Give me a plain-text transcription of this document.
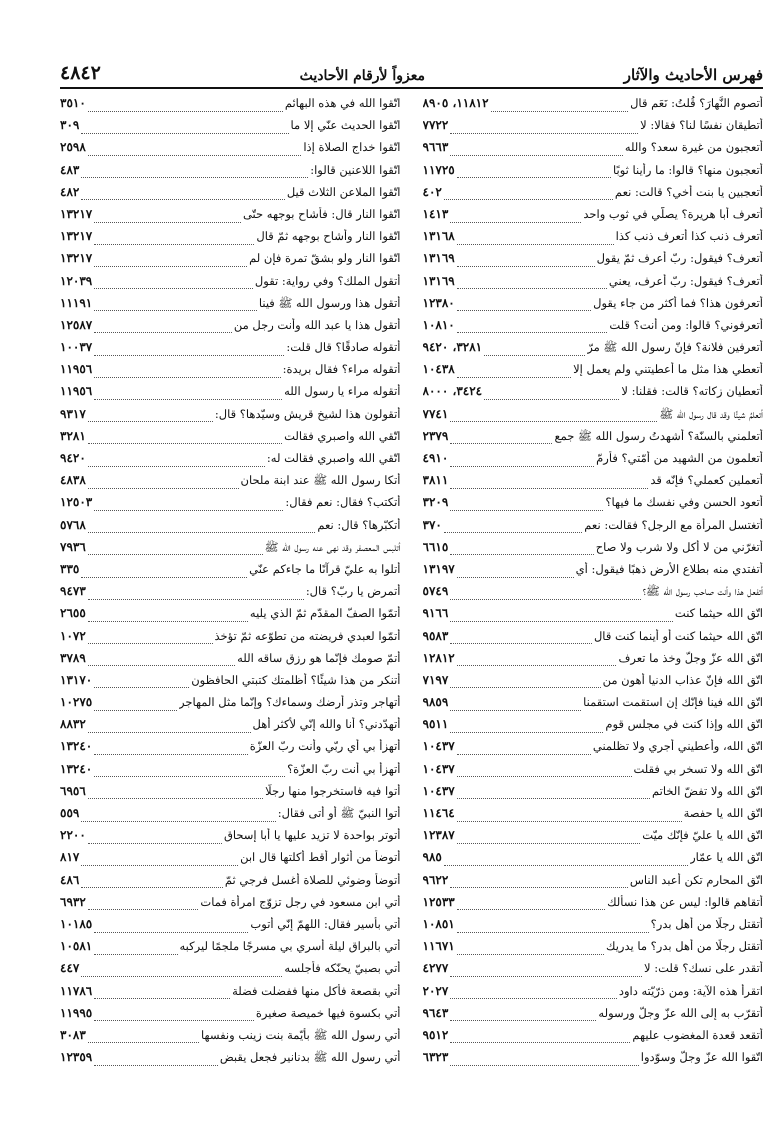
فهرس الأحاديث والآثار
معزواً لأرقام الأحاديث
٤٨٤٢
أتصوم النَّهارَ؟ قُلتُ: نَعَم قال
١١٨١٢، ٨٩٠٥
أتطيقان نفسًا لنا؟ فقالا: لا
٧٧٢٢
أتعجبون من غيرة سعد؟ والله
٩٦٦٣
أتعجبون منها؟ قالوا: ما رأينا ثوبًا
١١٧٢٥
أتعجبين يا بنت أخي؟ قالت: نعم
٤٠٢
أتعرف أبا هريرة؟ يصلّي في ثوب واحد
١٤١٣
أتعرف ذنب كذا أتعرف ذنب كذا
١٣١٦٨
أتعرف؟ فيقول: ربّ أعرف ثمّ يقول
١٣١٦٩
أتعرف؟ فيقول: ربّ أعرف، يعني
١٣١٦٩
أتعرفون هذا؟ فما أكثر من جاء يقول
١٢٣٨٠
أتعرفوني؟ قالوا: ومن أنت؟ قلت
١٠٨١٠
أتعرفين فلانة؟ فإنّ رسول الله ﷺ مرّ
٣٢٨١، ٩٤٢٠
أتعطي هذا مثل ما أعطيتني ولم يعمل إلا
١٠٤٣٨
أتعطيان زكاته؟ قالت: فقلنا: لا
٣٤٢٤، ٨٠٠٠
أتعلمُ شيئًا وقد قال رسول الله ﷺ
٧٧٤١
أتعلمني بالسنّة؟ أشهدتُ رسول الله ﷺ جمع
٢٣٧٩
أتعلمون من الشهيد من أمّتي؟ فأرمّ
٤٩١٠
أتعملين كعملي؟ فإنّه قد
٣٨١١
أتعود الحسن وفي نفسك ما فيها؟
٣٢٠٩
أتغتسل المرأة مع الرجل؟ فقالت: نعم
٣٧٠
أتغرّني من لا أكل ولا شرب ولا صاح
٦٦١٥
أتفتدي منه بطلاع الأرض ذهبًا فيقول: أي
١٣١٩٧
أتفعل هذا وأنت صاحب رسول الله ﷺ؟
٥٧٤٩
اتّق الله حيثما كنت
٩١٦٦
اتّق الله حيثما كنت أو أينما كنت قال
٩٥٨٣
اتّق الله عزّ وجلّ وخذ ما تعرف
١٢٨١٢
اتّق الله فإنّ عذاب الدنيا أهون من
٧١٩٧
اتّق الله فينا فإنّك إن استقمت استقمنا
٩٨٥٩
اتّق الله وإذا كنت في مجلس قوم
٩٥١١
اتّق الله، وأعطيني أجري ولا تظلمني
١٠٤٣٧
اتّق الله ولا تسخر بي فقلت
١٠٤٣٧
اتّق الله ولا تفضّ الخاتم
١٠٤٣٧
اتّق الله يا حفصة
١١٤٦٤
اتّق الله يا عليّ فإنّك ميّت
١٢٣٨٧
اتّق الله يا عمّار
٩٨٥
اتّق المحارم تكن أعبد الناس
٩٦٢٢
أتقاهم قالوا: ليس عن هذا نسألك
١٢٥٣٣
أتقتل رجلًا من أهل بدر؟
١٠٨٥١
أتقتل رجلًا من أهل بدر؟ ما يدريك
١١٦٧١
أتقدر على نسك؟ قلت: لا
٤٢٧٧
اتقرأ هذه الآية: ومن ذرّيّته داود
٢٠٢٧
أتقرّب به إلى الله عزّ وجلّ ورسوله
٩٦٤٣
أتقعد قعدة المغضوب عليهم
٩٥١٢
اتّقوا الله عزّ وجلّ وسوّدوا
٦٣٢٣
اتّقوا الله في هذه البهائم
٣٥١٠
اتّقوا الحديث عنّي إلا ما
٣٠٩
اتّقوا خداج الصلاة إذا
٢٥٩٨
اتّقوا اللاعنين قالوا:
٤٨٣
اتّقوا الملاعن الثلاث قيل
٤٨٢
اتّقوا النار قال: فأشاح بوجهه حتّى
١٣٢١٧
اتّقوا النار وأشاح بوجهه ثمّ قال
١٣٢١٧
اتّقوا النار ولو بشقّ تمرة فإن لم
١٣٢١٧
أتقول الملك؟ وفي رواية: تقول
١٢٠٣٩
أتقول هذا ورسول الله ﷺ فينا
١١١٩١
أتقول هذا يا عبد الله وأنت رجل من
١٢٥٨٧
أتقوله صادقًا؟ قال قلت:
١٠٠٣٧
أتقوله مراء؟ فقال بريدة:
١١٩٥٦
أتقوله مراء يا رسول الله
١١٩٥٦
أتقولون هذا لشيخ قريش وسيّدها؟ قال:
٩٣١٧
اتّقي الله واصبري فقالت
٣٢٨١
اتّقي الله واصبري فقالت له:
٩٤٢٠
أتكا رسول الله ﷺ عند ابنة ملحان
٤٨٣٨
أتكتب؟ فقال: نعم فقال:
١٢٥٠٣
أتكبّرها؟ قال: نعم
٥٧٦٨
أتلبس المعصفر وقد نهى عنه رسول الله ﷺ
٧٩٣٦
أتلوا به عليّ قرآنًا ما جاءكم عنّي
٣٣٥
أتمرض يا ربّ؟ قال:
٩٤٧٣
أتمّوا الصفّ المقدّم ثمّ الذي يليه
٢٦٥٥
أتمّوا لعبدي فريضته من تطوّعه ثمّ تؤخذ
١٠٧٢
أتمّ صومك فإنّما هو رزق ساقه الله
٣٧٨٩
أتنكر من هذا شيئًا؟ أظلمتك كتبتي الحافظون
١٣١٧٠
أتهاجر وتذر أرضك وسماءك؟ وإنّما مثل المهاجر
١٠٢٧٥
أتهدّدني؟ أنا والله إنّي لأكثر أهل
٨٨٣٢
أتهزأ بي أي ربّي وأنت ربّ العزّة
١٣٢٤٠
أتهزأ بي أنت ربّ العزّة؟
١٣٢٤٠
أتوا فيه فاستخرجوا منها رجلًا
٦٩٥٦
أتوا النبيّ ﷺ أو أتى فقال:
٥٥٩
أتوتر بواحدة لا تزيد عليها يا أبا إسحاق
٢٢٠٠
أتوضأ من أثوار أقط أكلتها قال ابن
٨١٧
أتوضأ وضوئي للصلاة أغسل فرجي ثمّ
٤٨٦
أتي ابن مسعود في رجل تزوّج امرأة فمات
٦٩٣٢
أتي بأسير فقال: اللهمّ إنّي أتوب
١٠١٨٥
أتي بالبراق ليلة أسري بي مسرجًا ملجمًا ليركبه
١٠٥٨١
أتي بصبيّ يحنّكه فأجلسه
٤٤٧
أتي بقصعة فأكل منها ففضلت فضلة
١١٧٨٦
أتي بكسوة فيها خميصة صغيرة
١١٩٩٥
أتي رسول الله ﷺ بأيّمة بنت زينب ونفسها
٣٠٨٣
أتي رسول الله ﷺ بدنانير فجعل يقبض
١٢٣٥٩
